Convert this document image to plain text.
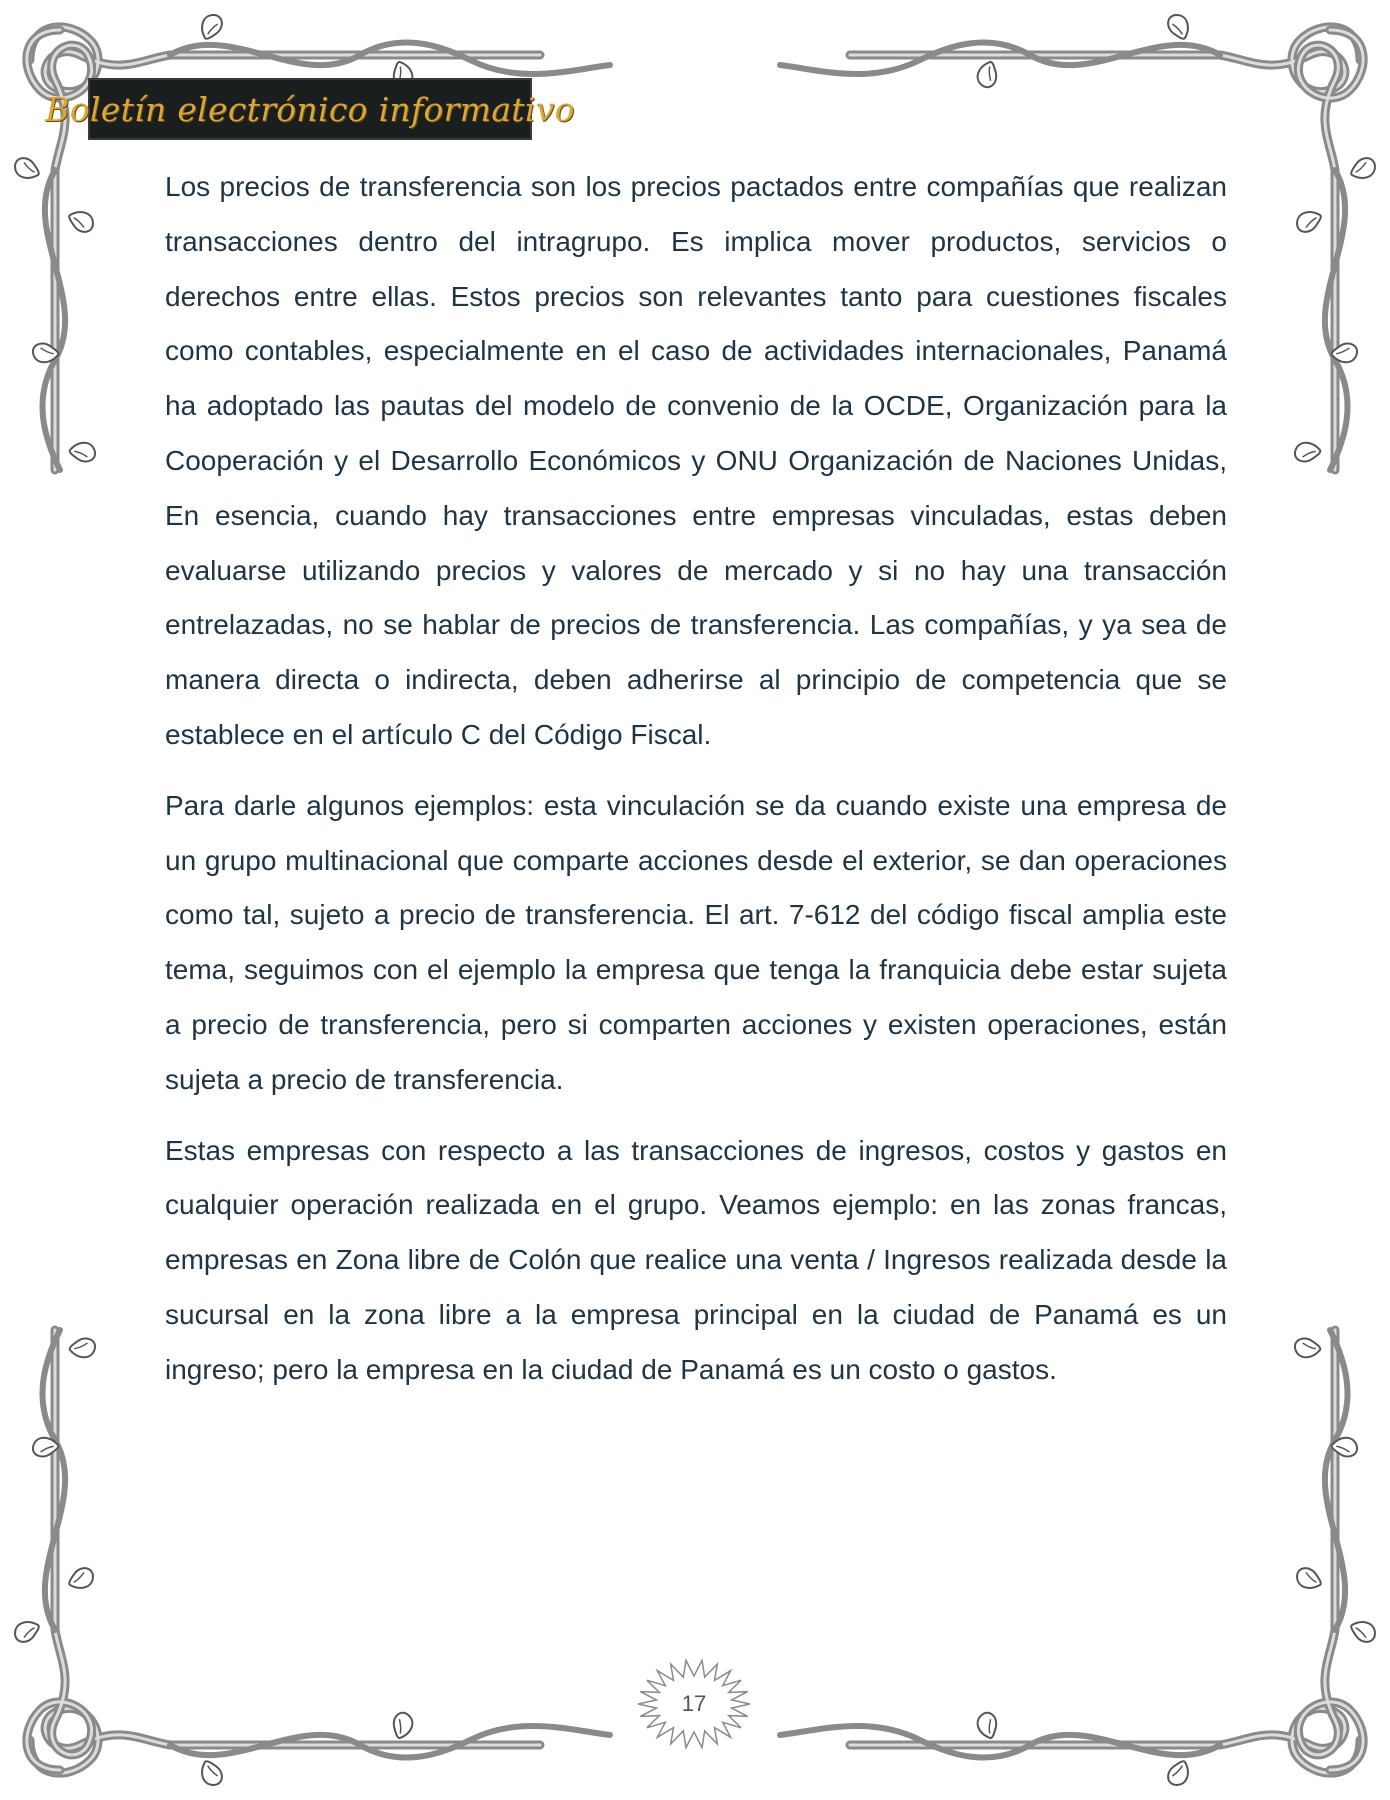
Boletín electrónico informativo

Los precios de transferencia son los precios pactados entre compañías que realizan transacciones dentro del intragrupo. Es implica mover productos, servicios o derechos entre ellas. Estos precios son relevantes tanto para cuestiones fiscales como contables, especialmente en el caso de actividades internacionales, Panamá ha adoptado las pautas del modelo de convenio de la OCDE, Organización para la Cooperación y el Desarrollo Económicos y ONU Organización de Naciones Unidas, En esencia, cuando hay transacciones entre empresas vinculadas, estas deben evaluarse utilizando precios y valores de mercado y si no hay una transacción entrelazadas, no se hablar de precios de transferencia. Las compañías, y ya sea de manera directa o indirecta, deben adherirse al principio de competencia que se establece en el artículo C del Código Fiscal.

Para darle algunos ejemplos: esta vinculación se da cuando existe una empresa de un grupo multinacional que comparte acciones desde el exterior, se dan operaciones como tal, sujeto a precio de transferencia. El art. 7-612 del código fiscal amplia este tema, seguimos con el ejemplo la empresa que tenga la franquicia debe estar sujeta a precio de transferencia, pero si comparten acciones y existen operaciones, están sujeta a precio de transferencia.

Estas empresas con respecto a las transacciones de ingresos, costos y gastos en cualquier operación realizada en el grupo. Veamos ejemplo: en las zonas francas, empresas en Zona libre de Colón que realice una venta / Ingresos realizada desde la sucursal en la zona libre a la empresa principal en la ciudad de Panamá es un ingreso; pero la empresa en la ciudad de Panamá es un costo o gastos.

17
